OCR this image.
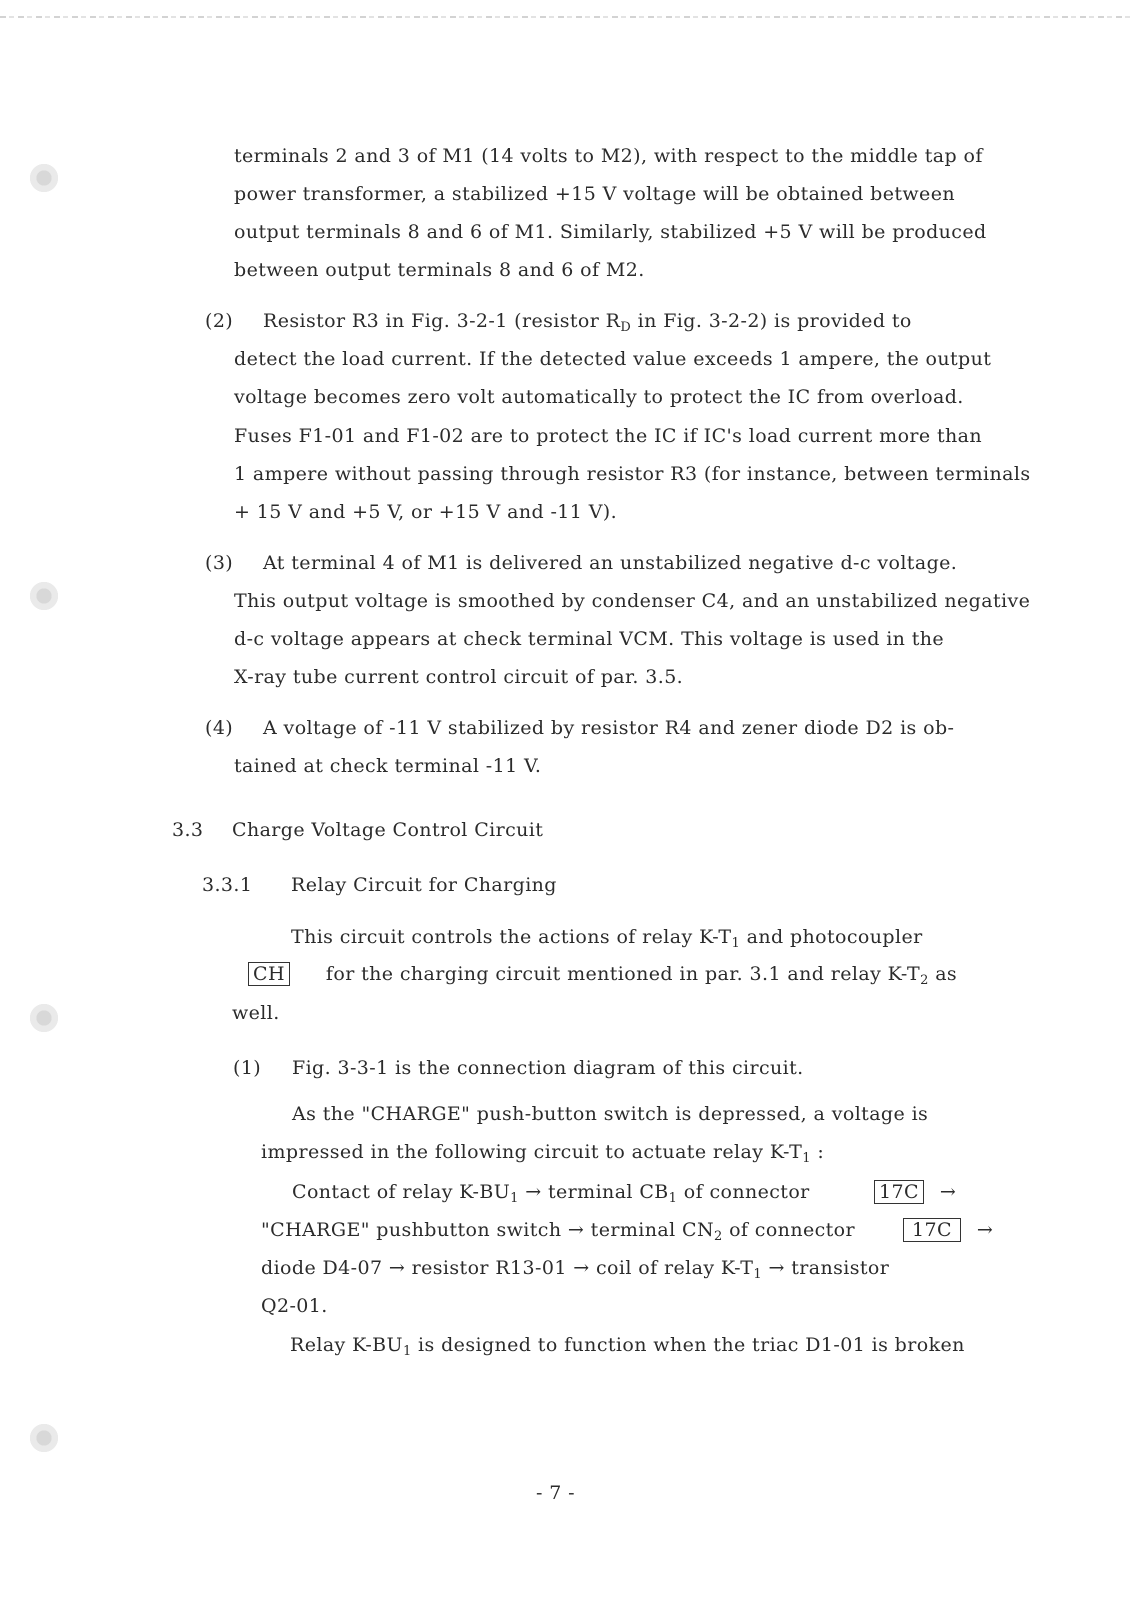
terminals 2 and 3 of M1 (14 volts to M2), with respect to the middle tap of
power transformer, a stabilized +15 V voltage will be obtained between
output terminals 8 and 6 of M1. Similarly, stabilized +5 V will be produced
between output terminals 8 and 6 of M2.
(2) Resistor R3 in Fig. 3-2-1 (resistor $R_D$ in Fig. 3-2-2) is provided to
detect the load current. If the detected value exceeds 1 ampere, the output
voltage becomes zero volt automatically to protect the IC from overload.
Fuses F1-01 and F1-02 are to protect the IC if IC's load current more than
1 ampere without passing through resistor R3 (for instance, between terminals
+ 15 V and +5 V, or +15 V and -11 V).
(3) At terminal 4 of M1 is delivered an unstabilized negative d-c voltage.
This output voltage is smoothed by condenser C4, and an unstabilized negative
d-c voltage appears at check terminal VCM. This voltage is used in the
X-ray tube current control circuit of par. 3.5.
(4) A voltage of -11 V stabilized by resistor R4 and zener diode D2 is ob-
tained at check terminal -11 V.
3.3 Charge Voltage Control Circuit
3.3.1 Relay Circuit for Charging
This circuit controls the actions of relay $K-T_1$ and photocoupler
CH for the charging circuit mentioned in par. 3.1 and relay $K-T_2$ as
well.
(1) Fig. 3-3-1 is the connection diagram of this circuit.
As the "CHARGE" push-button switch is depressed, a voltage is
impressed in the following circuit to actuate relay $K-T_1$ :
Contact of relay $K-BU_1$ → terminal $CB_1$ of connector	17C →
"CHARGE" pushbutton switch → terminal $CN_2$ of connector	17C →
diode D4-07 → resistor R13-01 → coil of relay $K-T_1$ → transistor
Q2-01.
Relay $K-BU_1$ is designed to function when the triac D1-01 is broken
- 7 -
